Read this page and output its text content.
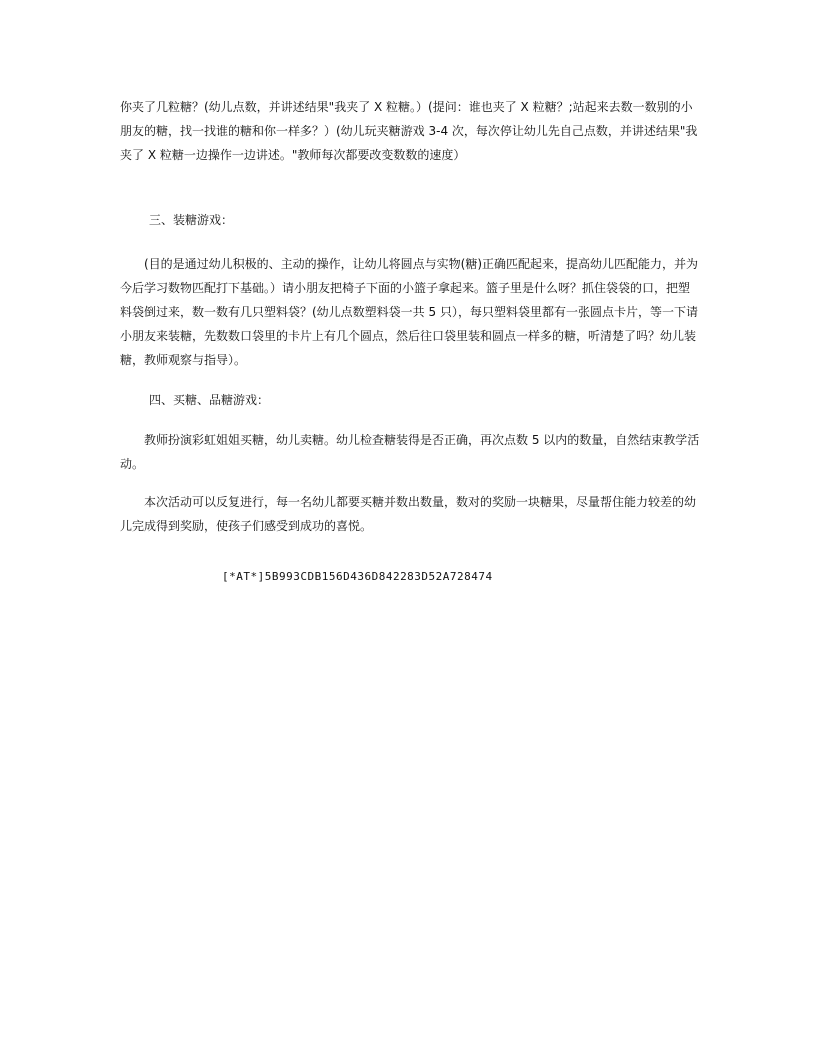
你夹了几粒糖？(幼儿点数，并讲述结果"我夹了 X 粒糖。）(提问：谁也夹了 X 粒糖？;站起来去数一数别的小朋友的糖，找一找谁的糖和你一样多？）(幼儿玩夹糖游戏 3-4 次，每次停让幼儿先自己点数，并讲述结果"我夹了 X 粒糖一边操作一边讲述。"教师每次都要改变数数的速度）
三、装糖游戏：
　　(目的是通过幼儿积极的、主动的操作，让幼儿将圆点与实物(糖)正确匹配起来，提高幼儿匹配能力，并为今后学习数物匹配打下基础。）请小朋友把椅子下面的小篮子拿起来。篮子里是什么呀？抓住袋袋的口，把塑料袋倒过来，数一数有几只塑料袋？(幼儿点数塑料袋一共 5 只），每只塑料袋里都有一张圆点卡片，等一下请小朋友来装糖，先数数口袋里的卡片上有几个圆点，然后往口袋里装和圆点一样多的糖，听清楚了吗？幼儿装糖，教师观察与指导）。
四、买糖、品糖游戏：
　　教师扮演彩虹姐姐买糖，幼儿卖糖。幼儿检查糖装得是否正确，再次点数 5 以内的数量，自然结束教学活动。
　　本次活动可以反复进行，每一名幼儿都要买糖并数出数量，数对的奖励一块糖果，尽量帮住能力较差的幼儿完成得到奖励，使孩子们感受到成功的喜悦。
[*AT*]5B993CDB156D436D842283D52A728474
